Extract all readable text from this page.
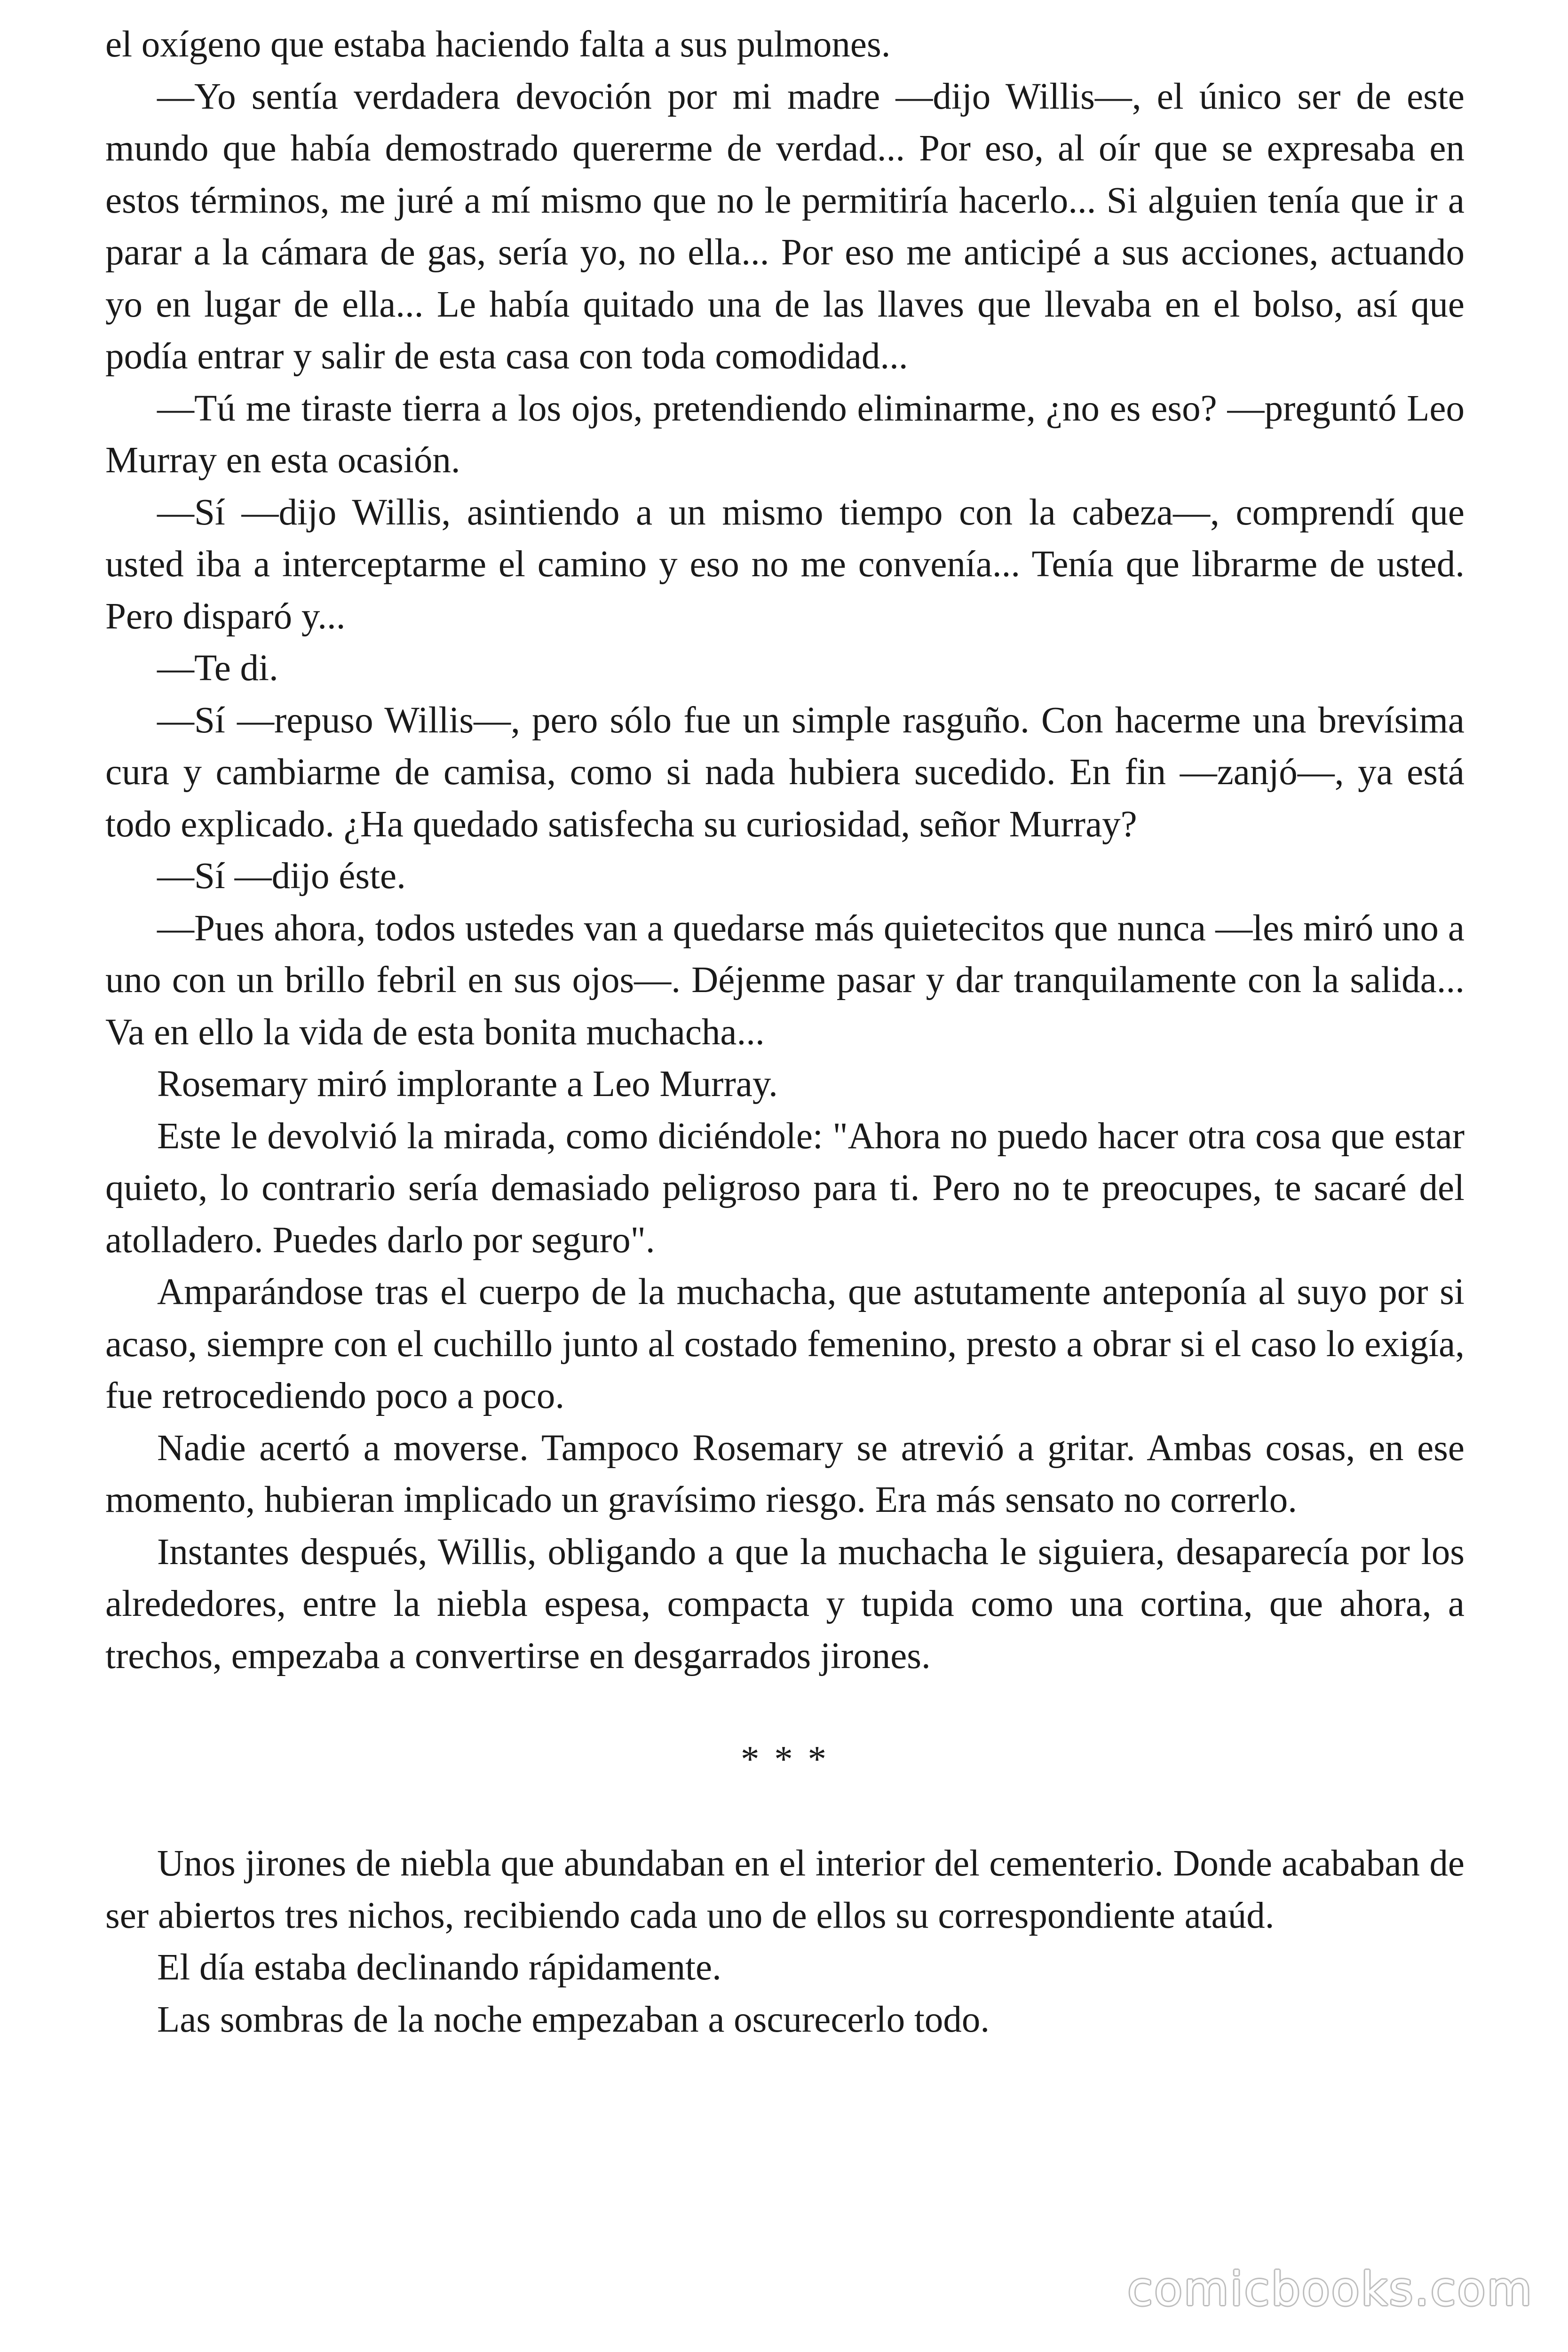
el oxígeno que estaba haciendo falta a sus pulmones.

—Yo sentía verdadera devoción por mi madre —dijo Willis—, el único ser de este mundo que había demostrado quererme de verdad... Por eso, al oír que se expresaba en estos términos, me juré a mí mismo que no le permitiría hacerlo... Si alguien tenía que ir a parar a la cámara de gas, sería yo, no ella... Por eso me anticipé a sus acciones, actuando yo en lugar de ella... Le había quitado una de las llaves que llevaba en el bolso, así que podía entrar y salir de esta casa con toda comodidad...

—Tú me tiraste tierra a los ojos, pretendiendo eliminarme, ¿no es eso? —preguntó Leo Murray en esta ocasión.

—Sí —dijo Willis, asintiendo a un mismo tiempo con la cabeza—, comprendí que usted iba a interceptarme el camino y eso no me convenía... Tenía que librarme de usted. Pero disparó y...

—Te di.

—Sí —repuso Willis—, pero sólo fue un simple rasguño. Con hacerme una brevísima cura y cambiarme de camisa, como si nada hubiera sucedido. En fin —zanjó—, ya está todo explicado. ¿Ha quedado satisfecha su curiosidad, señor Murray?

—Sí —dijo éste.

—Pues ahora, todos ustedes van a quedarse más quietecitos que nunca —les miró uno a uno con un brillo febril en sus ojos—. Déjenme pasar y dar tranquilamente con la salida... Va en ello la vida de esta bonita muchacha...

Rosemary miró implorante a Leo Murray.

Este le devolvió la mirada, como diciéndole: "Ahora no puedo hacer otra cosa que estar quieto, lo contrario sería demasiado peligroso para ti. Pero no te preocupes, te sacaré del atolladero. Puedes darlo por seguro".

Amparándose tras el cuerpo de la muchacha, que astutamente anteponía al suyo por si acaso, siempre con el cuchillo junto al costado femenino, presto a obrar si el caso lo exigía, fue retrocediendo poco a poco.

Nadie acertó a moverse. Tampoco Rosemary se atrevió a gritar. Ambas cosas, en ese momento, hubieran implicado un gravísimo riesgo. Era más sensato no correrlo.

Instantes después, Willis, obligando a que la muchacha le siguiera, desaparecía por los alrededores, entre la niebla espesa, compacta y tupida como una cortina, que ahora, a trechos, empezaba a convertirse en desgarrados jirones.

* * *

Unos jirones de niebla que abundaban en el interior del cementerio. Donde acababan de ser abiertos tres nichos, recibiendo cada uno de ellos su correspondiente ataúd.

El día estaba declinando rápidamente.

Las sombras de la noche empezaban a oscurecerlo todo.

comicbooks.com
